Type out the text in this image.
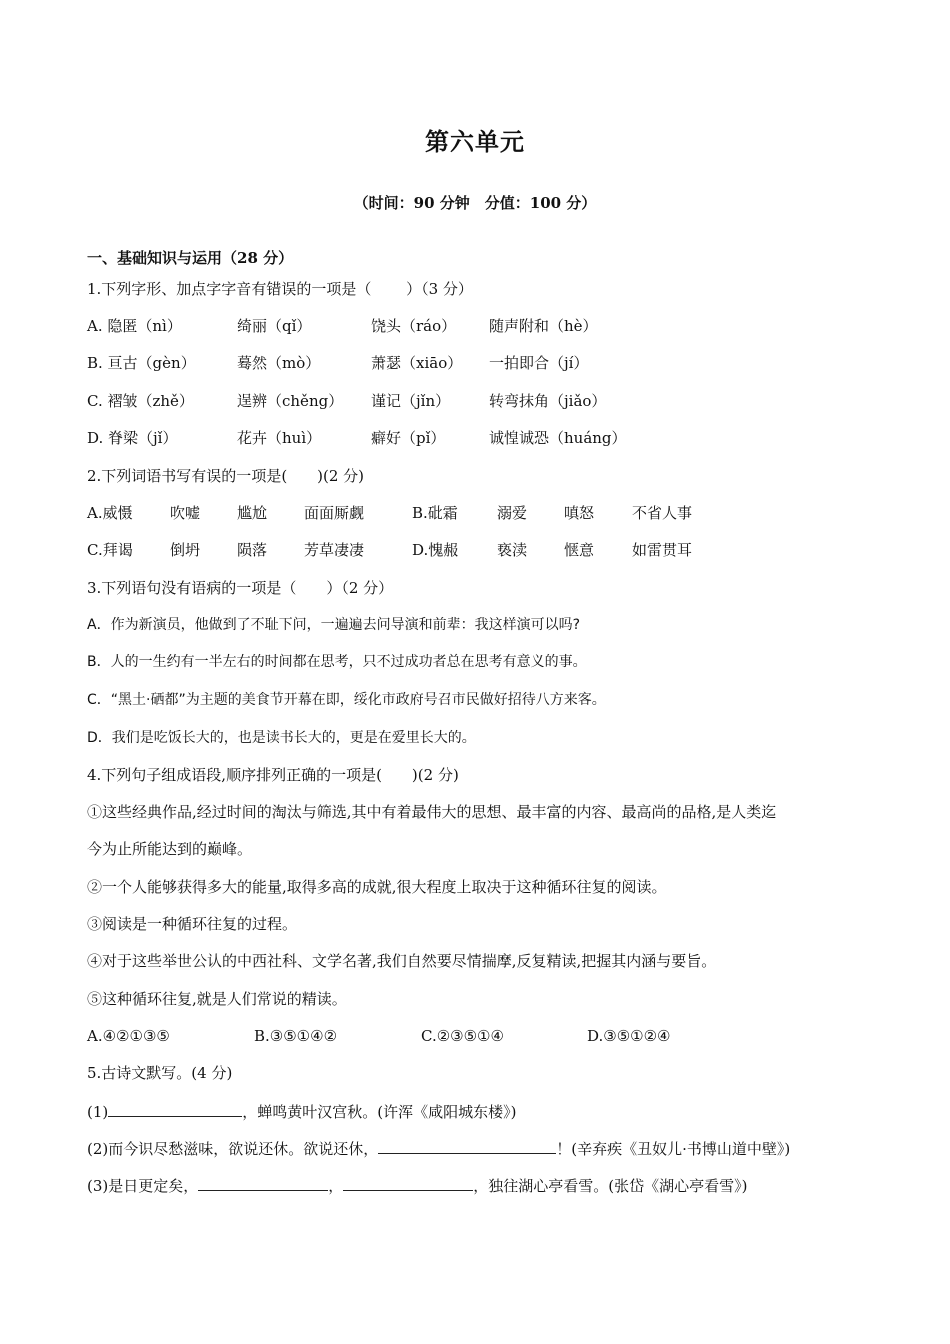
第六单元
（时间：90 分钟　分值：100 分）
一、基础知识与运用（28 分）
1.下列字形、加点字字音有错误的一项是（　　 ）（3 分）
A. 隐匿（nì）	绮丽（qǐ）	饶头（ráo） 随声附和（hè）
B. 亘古（gèn）	蓦然（mò）	萧瑟（xiāo） 一拍即合（jí）
C. 褶皱（zhě）	逞辨（chěng） 谨记（jǐn）	转弯抹角（jiǎo）
D. 脊梁（jǐ）	花卉（huì）	癖好（pǐ）	诚惶诚恐（huáng）
2.下列词语书写有误的一项是(　　)(2 分)
A.威慑 吹嘘 尴尬 面面厮觑	B.砒霜	溺爱 嗔怒	不省人事
C.拜谒 倒坍 陨落 芳草凄凄	D.愧赧	亵渎 惬意	如雷贯耳
3.下列语句没有语病的一项是（　　）（2 分）
A．作为新演员，他做到了不耻下问，一遍遍去问导演和前辈：我这样演可以吗?
B．人的一生约有一半左右的时间都在思考，只不过成功者总在思考有意义的事。
C．“黑土·硒都”为主题的美食节开幕在即，绥化市政府号召市民做好招待八方来客。
D．我们是吃饭长大的，也是读书长大的，更是在爱里长大的。
4.下列句子组成语段,顺序排列正确的一项是(　　)(2 分)
①这些经典作品,经过时间的淘汰与筛选,其中有着最伟大的思想、最丰富的内容、最高尚的品格,是人类迄
今为止所能达到的巅峰。
②一个人能够获得多大的能量,取得多高的成就,很大程度上取决于这种循环往复的阅读。
③阅读是一种循环往复的过程。
④对于这些举世公认的中西社科、文学名著,我们自然要尽情揣摩,反复精读,把握其内涵与要旨。
⑤这种循环往复,就是人们常说的精读。
A.④②①③⑤	B.③⑤①④②	C.②③⑤①④	D.③⑤①②④
5.古诗文默写。(4 分)
(1)	，蝉鸣黄叶汉宫秋。(许浑《咸阳城东楼》)
(2)而今识尽愁滋味，欲说还休。欲说还休，	！(辛弃疾《丑奴儿·书博山道中壁》)
(3)是日更定矣，	，	，独往湖心亭看雪。(张岱《湖心亭看雪》)
